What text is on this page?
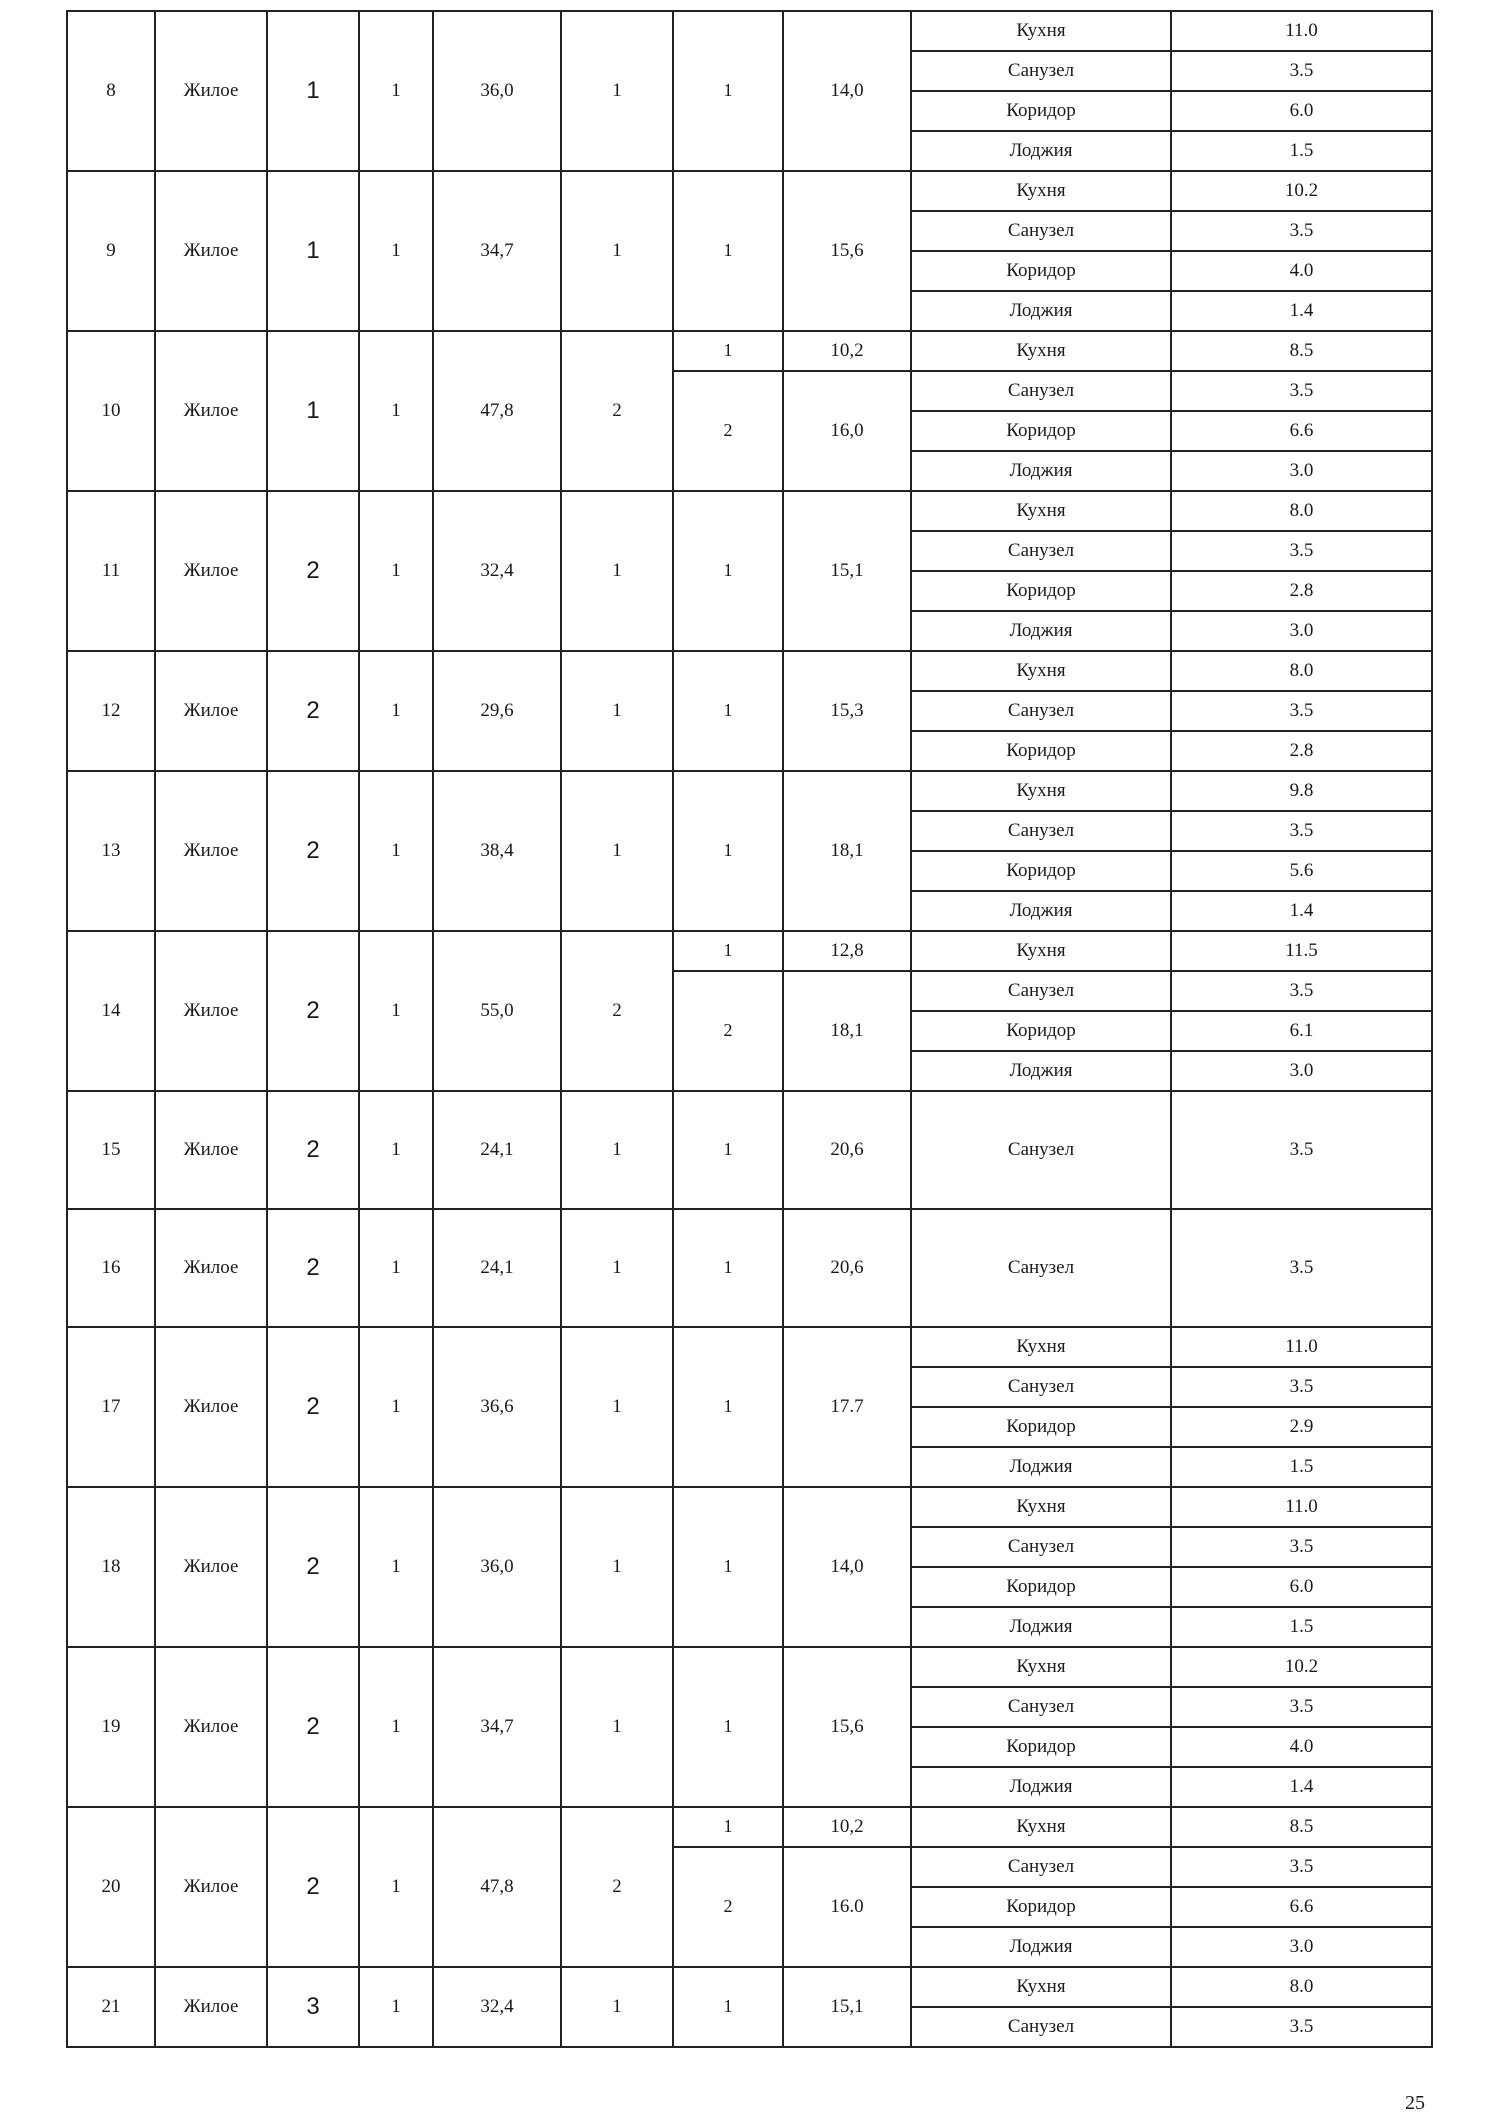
8	Жилое	1	1	36,0	1	1	14,0	Кухня	11.0
								Санузел	3.5
								Коридор	6.0
								Лоджия	1.5
9	Жилое	1	1	34,7	1	1	15,6	Кухня	10.2
								Санузел	3.5
								Коридор	4.0
								Лоджия	1.4
10	Жилое	1	1	47,8	2	1	10,2	Кухня	8.5
						2	16,0	Санузел	3.5
								Коридор	6.6
								Лоджия	3.0
11	Жилое	2	1	32,4	1	1	15,1	Кухня	8.0
								Санузел	3.5
								Коридор	2.8
								Лоджия	3.0
12	Жилое	2	1	29,6	1	1	15,3	Кухня	8.0
								Санузел	3.5
								Коридор	2.8
13	Жилое	2	1	38,4	1	1	18,1	Кухня	9.8
								Санузел	3.5
								Коридор	5.6
								Лоджия	1.4
14	Жилое	2	1	55,0	2	1	12,8	Кухня	11.5
						2	18,1	Санузел	3.5
								Коридор	6.1
								Лоджия	3.0
15	Жилое	2	1	24,1	1	1	20,6	Санузел	3.5
16	Жилое	2	1	24,1	1	1	20,6	Санузел	3.5
17	Жилое	2	1	36,6	1	1	17.7	Кухня	11.0
								Санузел	3.5
								Коридор	2.9
								Лоджия	1.5
18	Жилое	2	1	36,0	1	1	14,0	Кухня	11.0
								Санузел	3.5
								Коридор	6.0
								Лоджия	1.5
19	Жилое	2	1	34,7	1	1	15,6	Кухня	10.2
								Санузел	3.5
								Коридор	4.0
								Лоджия	1.4
20	Жилое	2	1	47,8	2	1	10,2	Кухня	8.5
						2	16.0	Санузел	3.5
								Коридор	6.6
								Лоджия	3.0
21	Жилое	3	1	32,4	1	1	15,1	Кухня	8.0
								Санузел	3.5
25
